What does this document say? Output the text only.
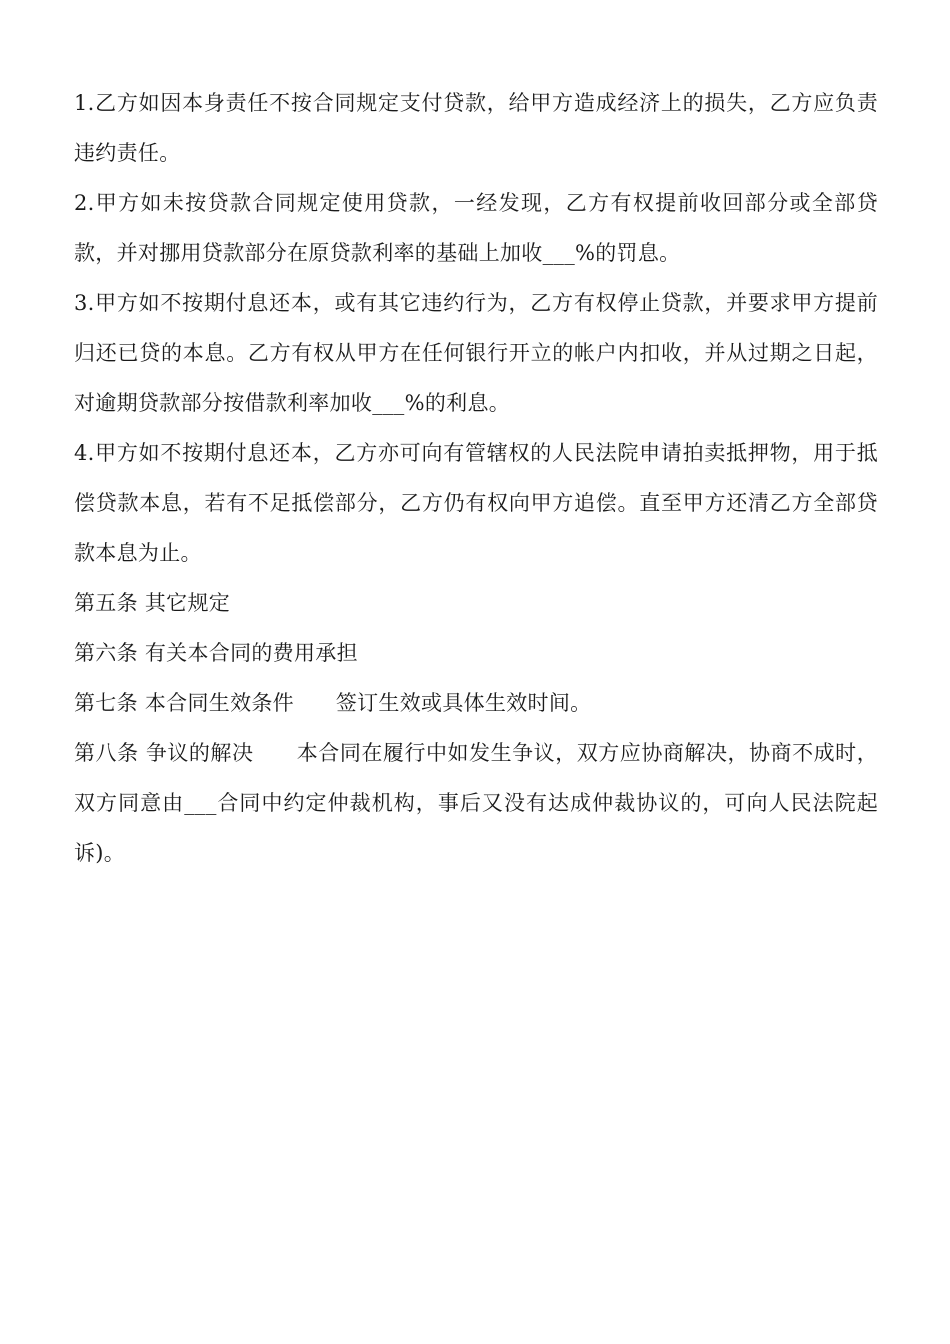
1.乙方如因本身责任不按合同规定支付贷款，给甲方造成经济上的损失，乙方应负责违约责任。

2.甲方如未按贷款合同规定使用贷款，一经发现，乙方有权提前收回部分或全部贷款，并对挪用贷款部分在原贷款利率的基础上加收___%的罚息。

3.甲方如不按期付息还本，或有其它违约行为，乙方有权停止贷款，并要求甲方提前归还已贷的本息。乙方有权从甲方在任何银行开立的帐户内扣收，并从过期之日起，对逾期贷款部分按借款利率加收___%的利息。

4.甲方如不按期付息还本，乙方亦可向有管辖权的人民法院申请拍卖抵押物，用于抵偿贷款本息，若有不足抵偿部分，乙方仍有权向甲方追偿。直至甲方还清乙方全部贷款本息为止。

第五条 其它规定

第六条 有关本合同的费用承担

第七条 本合同生效条件      签订生效或具体生效时间。

第八条 争议的解决      本合同在履行中如发生争议，双方应协商解决，协商不成时，双方同意由___合同中约定仲裁机构，事后又没有达成仲裁协议的，可向人民法院起诉)。
